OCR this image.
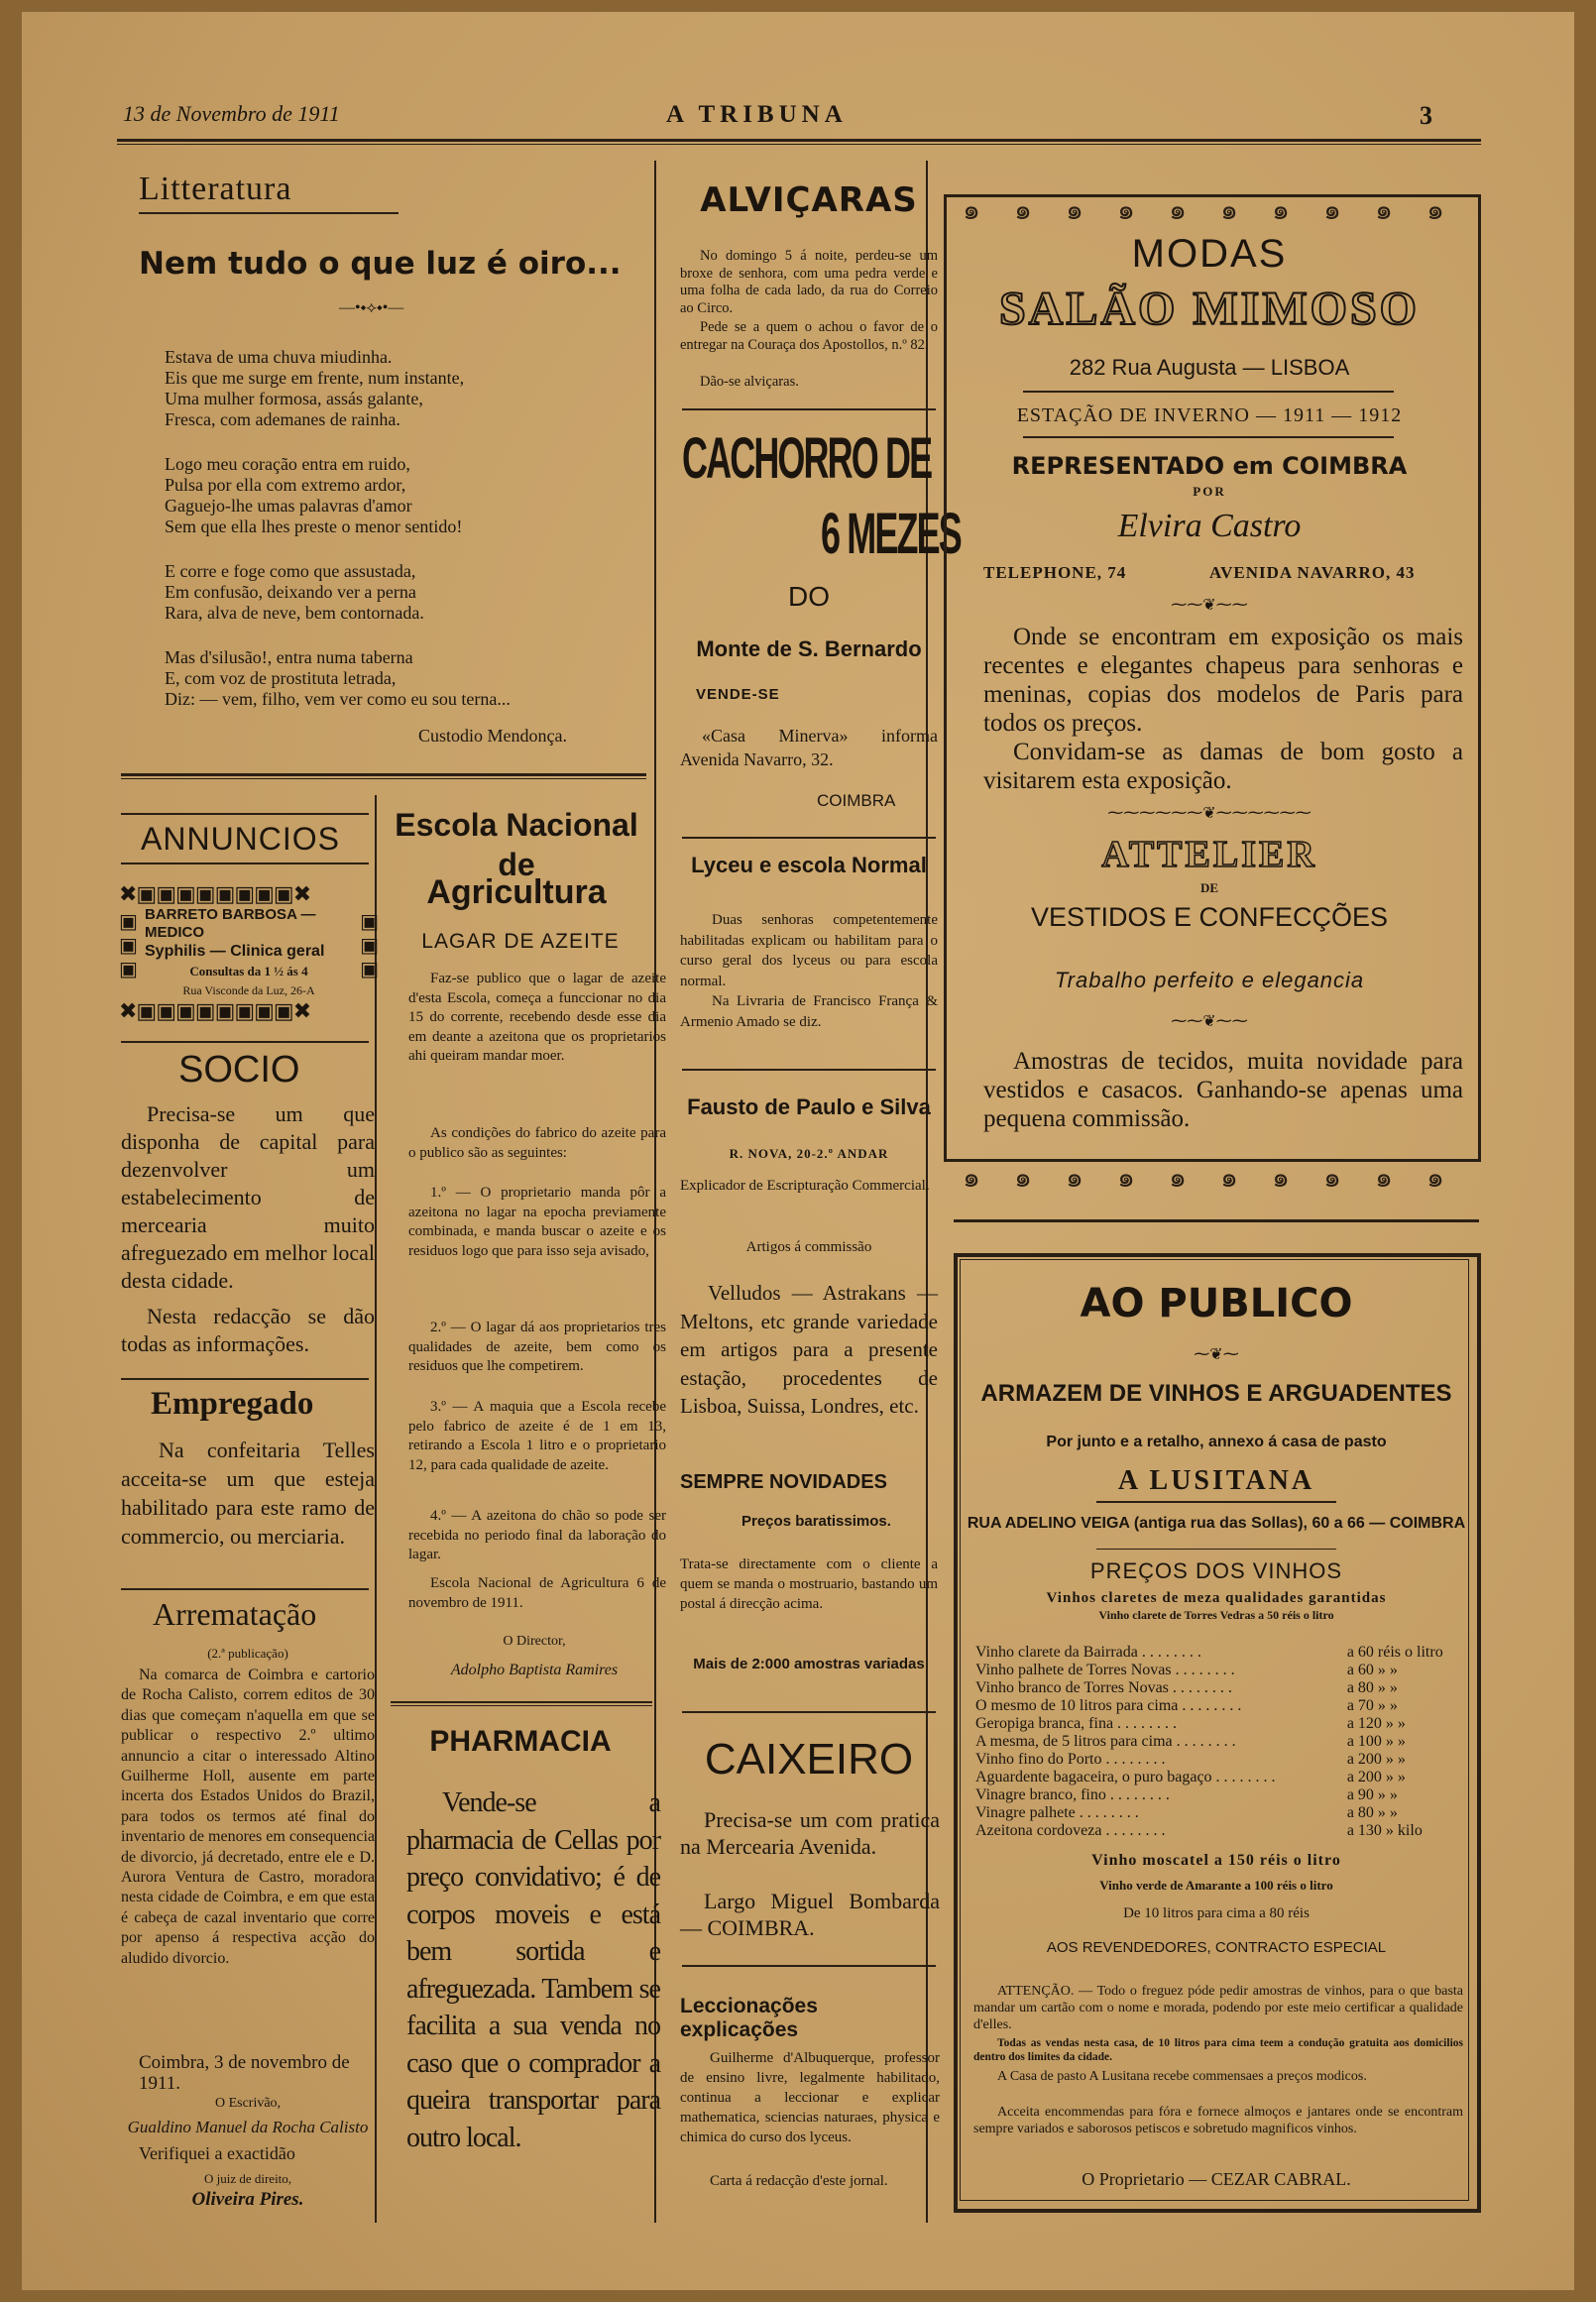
13 de Novembro de 1911	A TRIBUNA	3
Litteratura
Nem tudo o que luz é oiro...
—•⬩⟡⬩•—

Estava de uma chuva miudinha.
Eis que me surge em frente, num instante,
Uma mulher formosa, assás galante,
Fresca, com ademanes de rainha.

Logo meu coração entra em ruido,
Pulsa por ella com extremo ardor,
Gaguejo-lhe umas palavras d'amor
Sem que ella lhes preste o menor sentido!

E corre e foge como que assustada,
Em confusão, deixando ver a perna
Rara, alva de neve, bem contornada.

Mas d'silusão!, entra numa taberna
E, com voz de prostituta letrada,
Diz: — vem, filho, vem ver como eu sou terna...

Custodio Mendonça.
ANNUNCIOS
✖▣▣▣▣▣▣▣▣✖
▣
▣
▣
▣
▣
▣
BARRETO BARBOSA — MEDICO
Syphilis — Clinica geral
Consultas da 1 ½ ás 4
Rua Visconde da Luz, 26-A
✖▣▣▣▣▣▣▣▣✖
SOCIO
Precisa-se um que disponha de capital para dezenvolver um estabelecimento de mercearia muito afreguezado em melhor local desta cidade.
Nesta redacção se dão todas as informações.
Empregado
Na confeitaria Telles acceita-se um que esteja habilitado para este ramo de commercio, ou merciaria.
Arrematação
(2.ª publicação)
Na comarca de Coimbra e cartorio de Rocha Calisto, correm editos de 30 dias que começam n'aquella em que se publicar o respectivo 2.º ultimo annuncio a citar o interessado Altino Guilherme Holl, ausente em parte incerta dos Estados Unidos do Brazil, para todos os termos até final do inventario de menores em consequencia de divorcio, já decretado, entre ele e D. Aurora Ventura de Castro, moradora nesta cidade de Coimbra, e em que esta é cabeça de cazal inventario que corre por apenso á respectiva acção do aludido divorcio.
Coimbra, 3 de novembro de 1911.
O Escrivão,
Gualdino Manuel da Rocha Calisto
Verifiquei a exactidão
O juiz de direito,
Oliveira Pires.
Escola Nacional de
Agricultura
LAGAR DE AZEITE
Faz-se publico que o lagar de azeite d'esta Escola, começa a funccionar no dia 15 do corrente, recebendo desde esse dia em deante a azeitona que os proprietarios ahi queiram mandar moer.
As condições do fabrico do azeite para o publico são as seguintes:
1.º — O proprietario manda pôr a azeitona no lagar na epocha previamente combinada, e manda buscar o azeite e os residuos logo que para isso seja avisado,
2.º — O lagar dá aos proprietarios tres qualidades de azeite, bem como os residuos que lhe competirem.
3.º — A maquia que a Escola recebe pelo fabrico de azeite é de 1 em 13, retirando a Escola 1 litro e o proprietario 12, para cada qualidade de azeite.
4.º — A azeitona do chão so pode ser recebida no periodo final da laboração do lagar.
Escola Nacional de Agricultura 6 de novembro de 1911.
O Director,
Adolpho Baptista Ramires
PHARMACIA
Vende-se a pharmacia de Cellas por preço convidativo; é de corpos moveis e está bem sortida e afreguezada. Tambem se facilita a sua venda no caso que o comprador a queira transportar para outro local.
ALVIÇARAS
No domingo 5 á noite, perdeu-se um broxe de senhora, com uma pedra verde e uma folha de cada lado, da rua do Correio ao Circo.
Pede se a quem o achou o favor de o entregar na Couraça dos Apostollos, n.º 82.
Dão-se alviçaras.
CACHORRO DE
6 MEZES
DO
Monte de S. Bernardo
VENDE-SE
«Casa Minerva» informa Avenida Navarro, 32.
COIMBRA
Lyceu e escola Normal
Duas senhoras competentemente habilitadas explicam ou habilitam para o curso geral dos lyceus ou para escola normal.
Na Livraria de Francisco França & Armenio Amado se diz.
Fausto de Paulo e Silva
R. NOVA, 20-2.º ANDAR
Explicador de Escripturação Commercial.
Artigos á commissão
Velludos — Astrakans — Meltons, etc grande variedade em artigos para a presente estação, procedentes de Lisboa, Suissa, Londres, etc.
SEMPRE NOVIDADES
Preços baratissimos.
Trata-se directamente com o cliente a quem se manda o mostruario, bastando um postal á direcção acima.
Mais de 2:000 amostras variadas
CAIXEIRO
Precisa-se um com pratica na Mercearia Avenida.
Largo Miguel Bombarda — COIMBRA.
Leccionações explicações
Guilherme d'Albuquerque, professor de ensino livre, legalmente habilitado, continua a leccionar e explicar mathematica, sciencias naturaes, physica e chimica do curso dos lyceus.
Carta á redacção d'este jornal.
๑ ๑ ๑ ๑ ๑ ๑ ๑ ๑ ๑ ๑
๑ ๑ ๑ ๑ ๑ ๑ ๑ ๑ ๑ ๑
MODAS
SALÃO MIMOSO
282 Rua Augusta — LISBOA
ESTAÇÃO DE INVERNO — 1911 — 1912
REPRESENTADO em COIMBRA
POR
Elvira Castro
TELEPHONE, 74	AVENIDA NAVARRO, 43
⁓⁓❦⁓⁓
Onde se encontram em exposição os mais recentes e elegantes chapeus para senhoras e meninas, copias dos modelos de Paris para todos os preços.
Convidam-se as damas de bom gosto a visitarem esta exposição.
⁓⁓⁓⁓⁓⁓❦⁓⁓⁓⁓⁓⁓
ATTELIER
DE
VESTIDOS E CONFECÇÕES
Trabalho perfeito e elegancia
⁓⁓❦⁓⁓
Amostras de tecidos, muita novidade para vestidos e casacos. Ganhando-se apenas uma pequena commissão.
AO PUBLICO
⁓❦⁓
ARMAZEM DE VINHOS E ARGUADENTES
Por junto e a retalho, annexo á casa de pasto
A LUSITANA
RUA ADELINO VEIGA (antiga rua das Sollas), 60 a 66 — COIMBRA
PREÇOS DOS VINHOS
Vinhos claretes de meza qualidades garantidas
Vinho clarete de Torres Vedras a 50 réis o litro
Vinho clarete da Bairrada . . . . . . . .	a 60 réis o litro
Vinho palhete de Torres Novas . . . . . . . .	a 60 » »
Vinho branco de Torres Novas . . . . . . . .	a 80 » »
O mesmo de 10 litros para cima . . . . . . . .	a 70 » »
Geropiga branca, fina . . . . . . . .	a 120 » »
A mesma, de 5 litros para cima . . . . . . . .	a 100 » »
Vinho fino do Porto . . . . . . . .	a 200 » »
Aguardente bagaceira, o puro bagaço . . . . . . . .	a 200 » »
Vinagre branco, fino . . . . . . . .	a 90 » »
Vinagre palhete . . . . . . . .	a 80 » »
Azeitona cordoveza . . . . . . . .	a 130 » kilo
Vinho moscatel a 150 réis o litro
Vinho verde de Amarante a 100 réis o litro
De 10 litros para cima a 80 réis
AOS REVENDEDORES, CONTRACTO ESPECIAL
ATTENÇÃO. — Todo o freguez póde pedir amostras de vinhos, para o que basta mandar um cartão com o nome e morada, podendo por este meio certificar a qualidade d'elles.
Todas as vendas nesta casa, de 10 litros para cima teem a condução gratuita aos domicilios dentro dos limites da cidade.
A Casa de pasto A Lusitana recebe commensaes a preços modicos.
Acceita encommendas para fóra e fornece almoços e jantares onde se encontram sempre variados e saborosos petiscos e sobretudo magnificos vinhos.
O Proprietario — CEZAR CABRAL.
